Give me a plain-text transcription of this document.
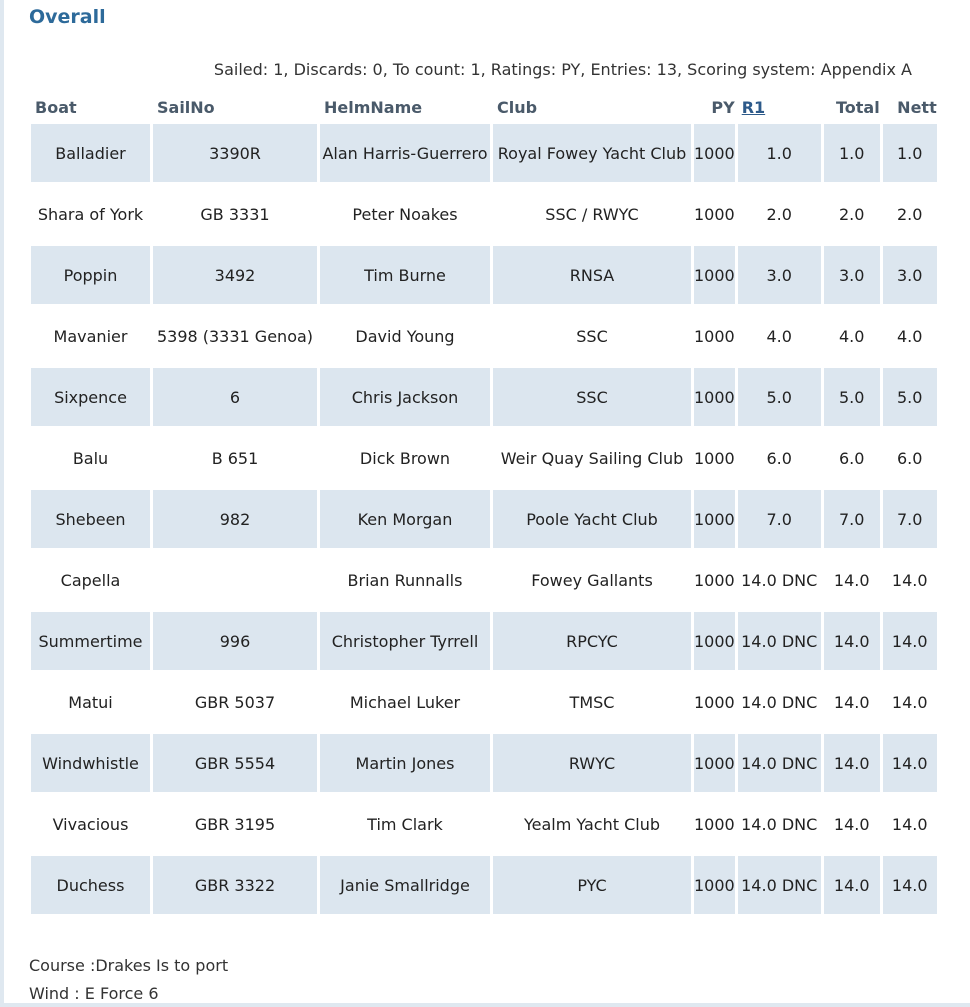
Overall
Sailed: 1, Discards: 0, To count: 1, Ratings: PY, Entries: 13, Scoring system: Appendix A
Boat	SailNo	HelmName	Club	PY	R1	Total	Nett
Balladier	3390R	Alan Harris-Guerrero	Royal Fowey Yacht Club	1000	1.0	1.0	1.0
Shara of York	GB 3331	Peter Noakes	SSC / RWYC	1000	2.0	2.0	2.0
Poppin	3492	Tim Burne	RNSA	1000	3.0	3.0	3.0
Mavanier	5398 (3331 Genoa)	David Young	SSC	1000	4.0	4.0	4.0
Sixpence	6	Chris Jackson	SSC	1000	5.0	5.0	5.0
Balu	B 651	Dick Brown	Weir Quay Sailing Club	1000	6.0	6.0	6.0
Shebeen	982	Ken Morgan	Poole Yacht Club	1000	7.0	7.0	7.0
Capella		Brian Runnalls	Fowey Gallants	1000	14.0 DNC	14.0	14.0
Summertime	996	Christopher Tyrrell	RPCYC	1000	14.0 DNC	14.0	14.0
Matui	GBR 5037	Michael Luker	TMSC	1000	14.0 DNC	14.0	14.0
Windwhistle	GBR 5554	Martin Jones	RWYC	1000	14.0 DNC	14.0	14.0
Vivacious	GBR 3195	Tim Clark	Yealm Yacht Club	1000	14.0 DNC	14.0	14.0
Duchess	GBR 3322	Janie Smallridge	PYC	1000	14.0 DNC	14.0	14.0
Course :Drakes Is to port
Wind : E Force 6
